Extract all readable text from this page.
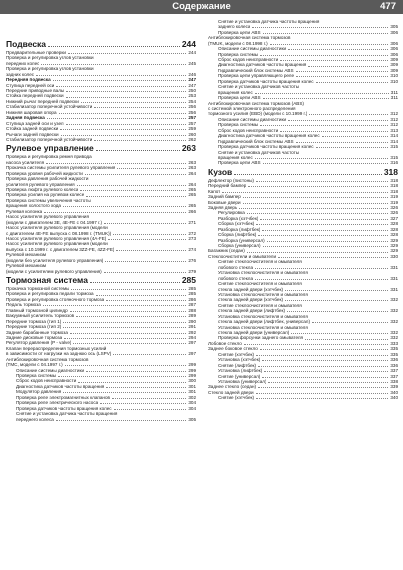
Содержание	477
Подвеска	244
Предварительные проверки	244
Проверка и регулировка углов установки
передних колес	245
Проверка и регулировка углов установки
задних колес	246
Передняя подвеска	247
Ступица передней оси	247
Передние приводные валы	250
Стойка передней подвески	253
Нижний рычаг передней подвески	254
Стабилизатор поперечной устойчивости	256
Нижняя шаровая опора	256
Задняя подвеска	257
Ступица задней оси и узел	257
Стойка задней подвески	259
Рычаги задней подвески	260
Стабилизатор поперечной устойчивости	262
Рулевое управление	263
Проверка и регулировка ремня привода
насоса усилителя	263
Прокачка системы усилителя рулевого управления	263
Проверка уровня рабочей жидкости	264
Проверка давления рабочей жидкости
усилителя рулевого управления	264
Проверка люфта рулевого колеса	265
Проверка усилия на рулевом колесе	265
Проверка системы увеличения частоты
вращения холостого хода	265
Рулевая колонка	266
Насос усилителя рулевого управления
(модели с двигателем 3Е, 4Е-FE с 04.1997 г.)	271
Насос усилителя рулевого управления (модели
с двигателем 4Е-FE выпуска с 08.1998 г. (ТМUK))	272
Насос усилителя рулевого управления (4А-FE)	273
Насос усилителя рулевого управления (модели
выпуска с 10.1999 г. с двигателем 3ZZ-FE, 4ZZ-FE)	274
Рулевой механизм
(модели без усилителя рулевого управления)	276
Рулевой механизм
(модели с усилителем рулевого управления)	279
Тормозная система	285
Прокачка тормозной системы	285
Проверка и регулировка педали тормоза	285
Проверка и регулировка стояночного тормоза	286
Педаль тормоза	287
Главный тормозной цилиндр	288
Вакуумный усилитель тормозов	289
Передние тормоза (тип 1)	290
Передние тормоза (тип 2)	291
Задние барабанные тормоза	292
Задние дисковые тормоза	294
Регулятор давления (P - valve)	297
Клапан перераспределения тормозных усилий
в зависимости от нагрузки на заднюю ось (LSPV)	297
Антиблокировочная система тормозов
(ТМС, модели с 04.1997 г.)	299
Описание системы диагностики	299
Проверка системы	299
Сброс кодов неисправности	300
Диагностика датчиков частоты вращения	301
Модулятор давления	301
Проверка реле электромагнитных клапанов	302
Проверка реле электрического насоса	304
Проверка датчиков частоты вращения колес	304
Снятие и установка датчика частоты вращения
переднего колеса	305
Снятие и установка датчика частоты вращения
заднего колеса	305
Проверка цепи ABS	306
Антиблокировочная система тормозов
(ТМUK, модели с 08.1998 г.)	306
Описание системы диагностики	306
Проверка системы	306
Сброс кодов неисправности	309
Диагностика датчиков частоты вращения	309
Гидравлический блок системы ABS	309
Проверка цепи управляющего реле	310
Проверка датчиков частоты вращения колес	310
Снятие и установка датчиков частоты
вращения колес	311
Проверка цепи ABS	311
Антиблокировочная система тормозов (ABS)
с системой электронного распределения
тормозного усилия (EBD) (модели с 10.1999 г.)	312
Описание системы диагностики	312
Проверка системы	312
Сброс кодов неисправности	313
Диагностика датчиков частоты вращения колес	314
Гидравлический блок системы ABS	314
Проверка датчиков частоты вращения колес	315
Снятие и установка датчиков частоты
вращения колес	315
Проверка цепи ABS	316
Кузов	318
Дефлектор (пистоны)	318
Передний бампер	318
Капот	318
Задний бампер	319
Боковые двери	319
Задняя дверь	326
Регулировка	326
Разборка (хэтчбек)	327
Сборка (хэтчбек)	328
Разборка (лифтбек)	328
Сборка (лифтбек)	328
Разборка (универсал)	329
Сборка (универсал)	329
Багажник (седан)	329
Стеклоочистители и омыватели	330
Снятие стеклоочистителя и омывателя
лобового стекла	331
Установка стеклоочистителя и омывателя
лобового стекла	331
Снятие стеклоочистителя и омывателя
стекла задней двери (хэтчбек)	331
Установка стеклоочистителя и омывателя
стекла задней двери (хэтчбек)	332
Снятие стеклоочистителя и омывателя
стекла задней двери (лифтбек)	332
Установка стеклоочистителя и омывателя
стекла задней двери (лифтбек, универсал)	332
Установка стеклоочистителя и омывателя
стекла задней двери (универсал)	332
Проверка форсунки заднего омывателя	332
Лобовое стекло	333
Заднее боковое стекло	335
Снятие (хэтчбек)	335
Установка (хэтчбек)	336
Снятие (лифтбек)	336
Установка (лифтбек)	337
Снятие (универсал)	337
Установка (универсал)	338
Заднее стекло (седан)	339
Стекло задней двери	340
Снятие (хэтчбек)	340
